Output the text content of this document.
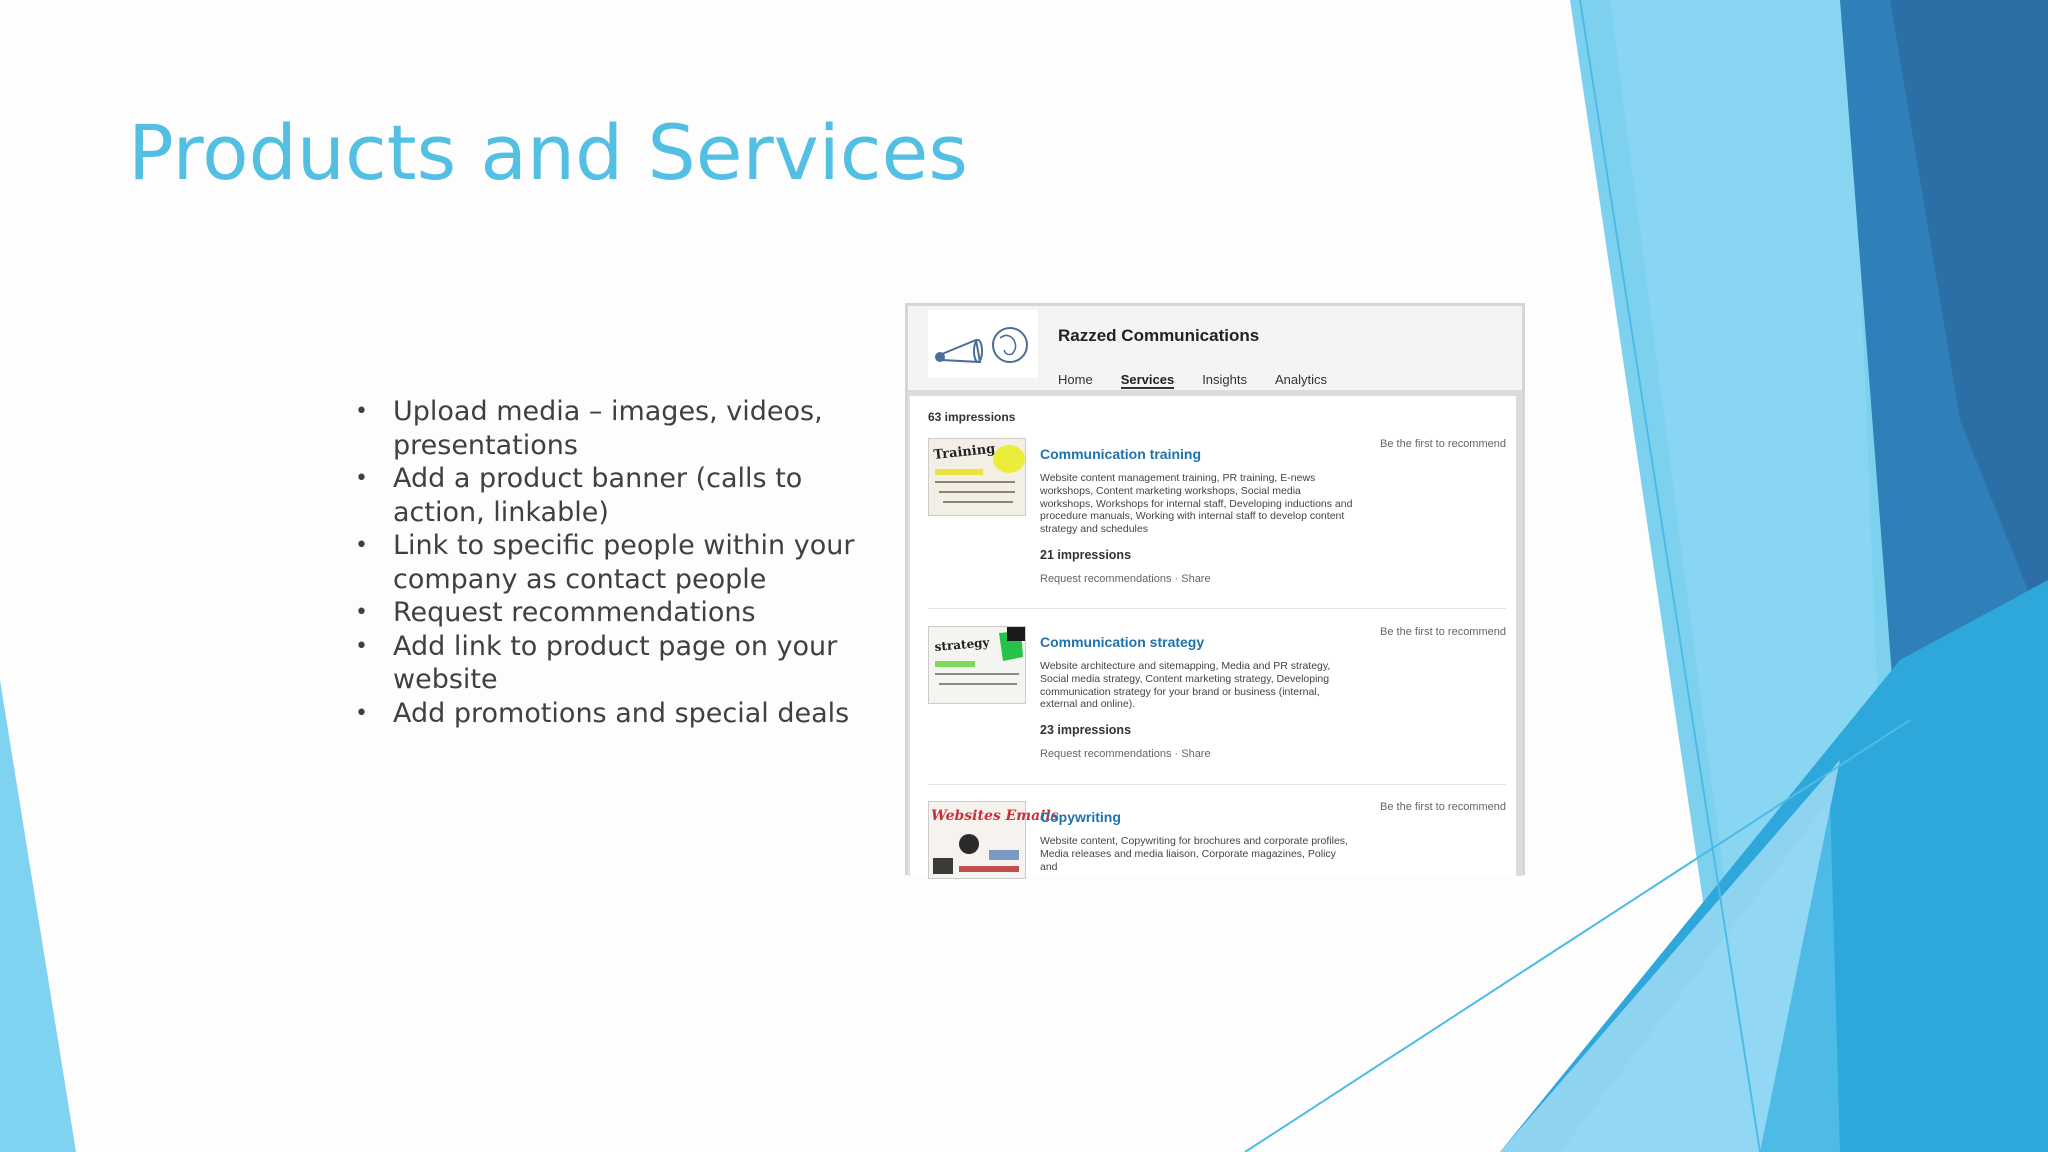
Products and Services
• Upload media – images, videos, presentations
• Add a product banner (calls to action, linkable)
• Link to specific people within your company as contact people
• Request recommendations
• Add link to product page on your website
• Add promotions and special deals
Razzed Communications
Home Services Insights Analytics
63 impressions
Training	Communication training
Website content management training, PR training, E-news workshops, Content marketing workshops, Social media workshops, Workshops for internal staff, Developing inductions and procedure manuals, Working with internal staff to develop content strategy and schedules
21 impressions
Request recommendations · Share
Be the first to recommend
strategy	Communication strategy
Website architecture and sitemapping, Media and PR strategy, Social media strategy, Content marketing strategy, Developing communication strategy for your brand or business (internal, external and online).
23 impressions
Request recommendations · Share
Be the first to recommend
Websites Emails
Copywriting
Website content, Copywriting for brochures and corporate profiles, Media releases and media liaison, Corporate magazines, Policy and
Be the first to recommend
